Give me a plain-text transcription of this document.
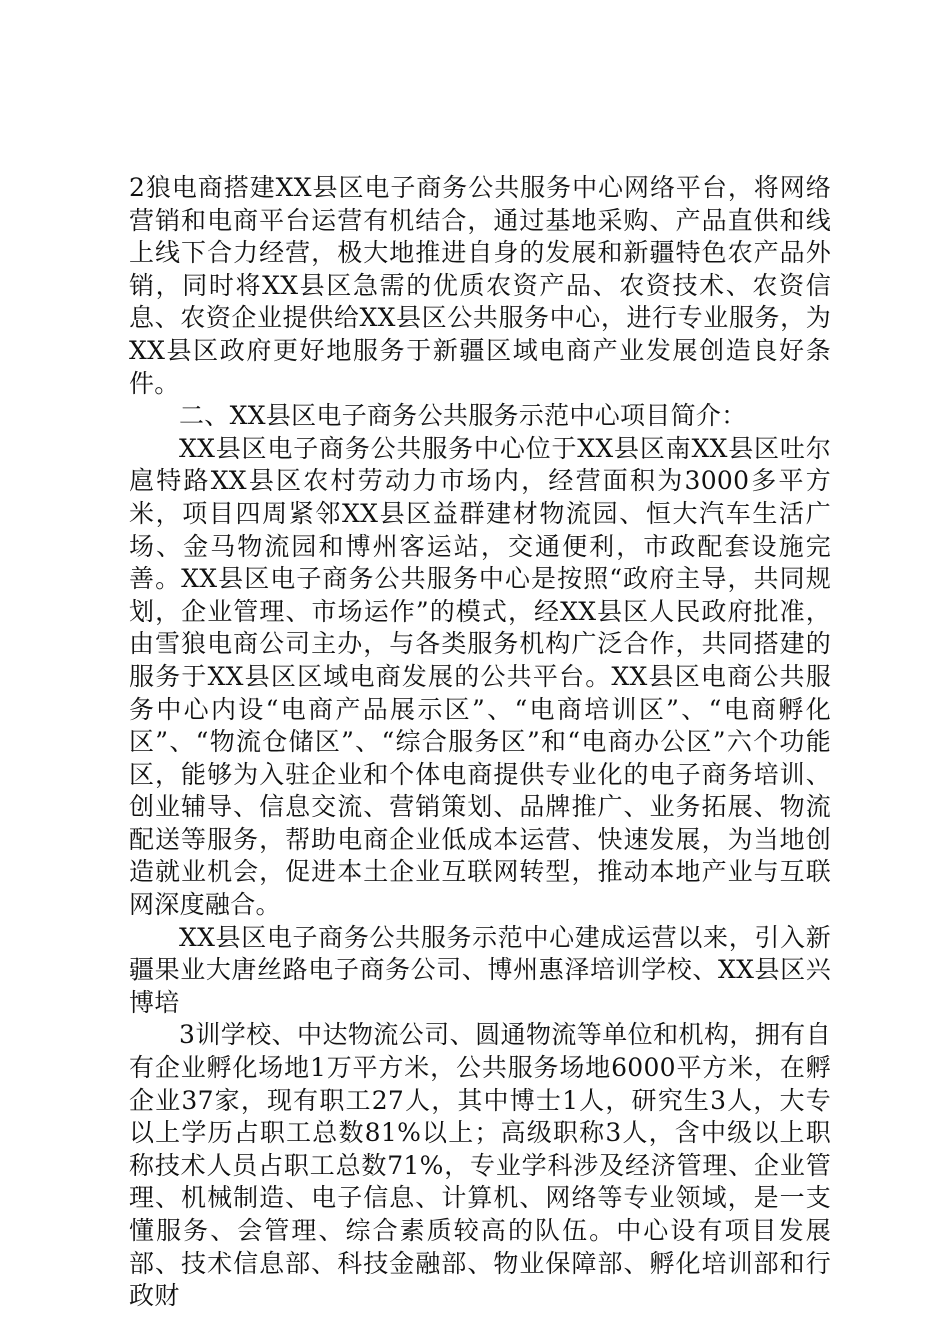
2狼电商搭建XX县区电子商务公共服务中心网络平台，将网络营销和电商平台运营有机结合，通过基地采购、产品直供和线上线下合力经营，极大地推进自身的发展和新疆特色农产品外销，同时将XX县区急需的优质农资产品、农资技术、农资信息、农资企业提供给XX县区公共服务中心，进行专业服务，为XX县区政府更好地服务于新疆区域电商产业发展创造良好条件。

二、XX县区电子商务公共服务示范中心项目简介：

XX县区电子商务公共服务中心位于XX县区南XX县区吐尔扈特路XX县区农村劳动力市场内，经营面积为3000多平方米，项目四周紧邻XX县区益群建材物流园、恒大汽车生活广场、金马物流园和博州客运站，交通便利，市政配套设施完善。XX县区电子商务公共服务中心是按照“政府主导，共同规划，企业管理、市场运作”的模式，经XX县区人民政府批准，由雪狼电商公司主办，与各类服务机构广泛合作，共同搭建的服务于XX县区区域电商发展的公共平台。XX县区电商公共服务中心内设“电商产品展示区”、“电商培训区”、“电商孵化区”、“物流仓储区”、“综合服务区”和“电商办公区”六个功能区，能够为入驻企业和个体电商提供专业化的电子商务培训、创业辅导、信息交流、营销策划、品牌推广、业务拓展、物流配送等服务，帮助电商企业低成本运营、快速发展，为当地创造就业机会，促进本土企业互联网转型，推动本地产业与互联网深度融合。

XX县区电子商务公共服务示范中心建成运营以来，引入新疆果业大唐丝路电子商务公司、博州惠泽培训学校、XX县区兴博培

3训学校、中达物流公司、圆通物流等单位和机构，拥有自有企业孵化场地1万平方米，公共服务场地6000平方米，在孵企业37家，现有职工27人，其中博士1人，研究生3人，大专以上学历占职工总数81%以上；高级职称3人，含中级以上职称技术人员占职工总数71%，专业学科涉及经济管理、企业管理、机械制造、电子信息、计算机、网络等专业领域，是一支懂服务、会管理、综合素质较高的队伍。中心设有项目发展部、技术信息部、科技金融部、物业保障部、孵化培训部和行政财
